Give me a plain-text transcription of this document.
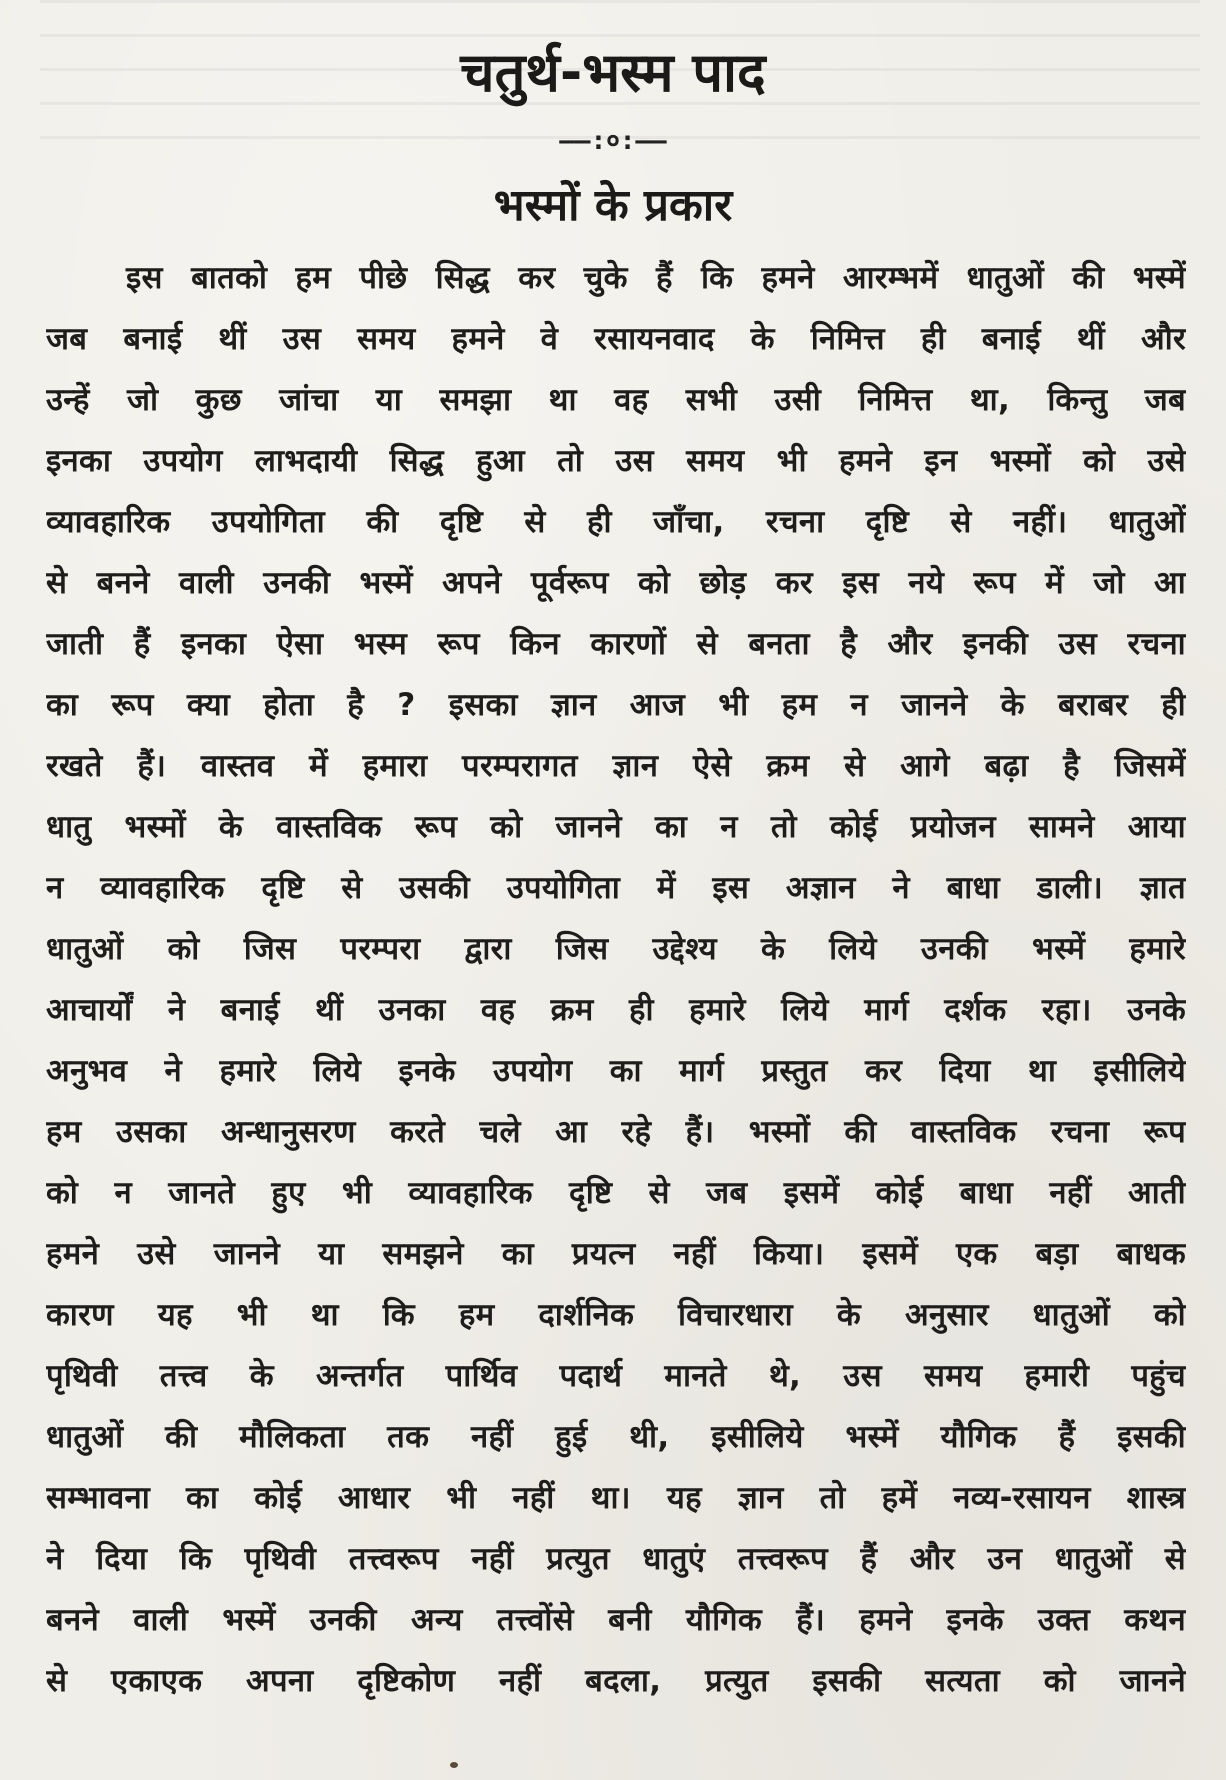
चतुर्थ-भस्म पाद
——:०:——
भस्मों के प्रकार
इस बातको हम पीछे सिद्ध कर चुके हैं कि हमने आरम्भमें धातुओं की भस्में
जब बनाई थीं उस समय हमने वे रसायनवाद के निमित्त ही बनाई थीं और
उन्हें जो कुछ जांचा या समझा था वह सभी उसी निमित्त था, किन्तु जब
इनका उपयोग लाभदायी सिद्ध हुआ तो उस समय भी हमने इन भस्मों को उसे
व्यावहारिक उपयोगिता की दृष्टि से ही जाँचा, रचना दृष्टि से नहीं। धातुओं
से बनने वाली उनकी भस्में अपने पूर्वरूप को छोड़ कर इस नये रूप में जो आ
जाती हैं इनका ऐसा भस्म रूप किन कारणों से बनता है और इनकी उस रचना
का रूप क्या होता है ? इसका ज्ञान आज भी हम न जानने के बराबर ही
रखते हैं। वास्तव में हमारा परम्परागत ज्ञान ऐसे क्रम से आगे बढ़ा है जिसमें
धातु भस्मों के वास्तविक रूप को जानने का न तो कोई प्रयोजन सामने आया
न व्यावहारिक दृष्टि से उसकी उपयोगिता में इस अज्ञान ने बाधा डाली। ज्ञात
धातुओं को जिस परम्परा द्वारा जिस उद्देश्य के लिये उनकी भस्में हमारे
आचार्यों ने बनाई थीं उनका वह क्रम ही हमारे लिये मार्ग दर्शक रहा। उनके
अनुभव ने हमारे लिये इनके उपयोग का मार्ग प्रस्तुत कर दिया था इसीलिये
हम उसका अन्धानुसरण करते चले आ रहे हैं। भस्मों की वास्तविक रचना रूप
को न जानते हुए भी व्यावहारिक दृष्टि से जब इसमें कोई बाधा नहीं आती
हमने उसे जानने या समझने का प्रयत्न नहीं किया। इसमें एक बड़ा बाधक
कारण यह भी था कि हम दार्शनिक विचारधारा के अनुसार धातुओं को
पृथिवी तत्त्व के अन्तर्गत पार्थिव पदार्थ मानते थे, उस समय हमारी पहुंच
धातुओं की मौलिकता तक नहीं हुई थी, इसीलिये भस्में यौगिक हैं इसकी
सम्भावना का कोई आधार भी नहीं था। यह ज्ञान तो हमें नव्य-रसायन शास्त्र
ने दिया कि पृथिवी तत्त्वरूप नहीं प्रत्युत धातुएं तत्त्वरूप हैं और उन धातुओं से
बनने वाली भस्में उनकी अन्य तत्त्वोंसे बनी यौगिक हैं। हमने इनके उक्त कथन
से एकाएक अपना दृष्टिकोण नहीं बदला, प्रत्युत इसकी सत्यता को जानने
